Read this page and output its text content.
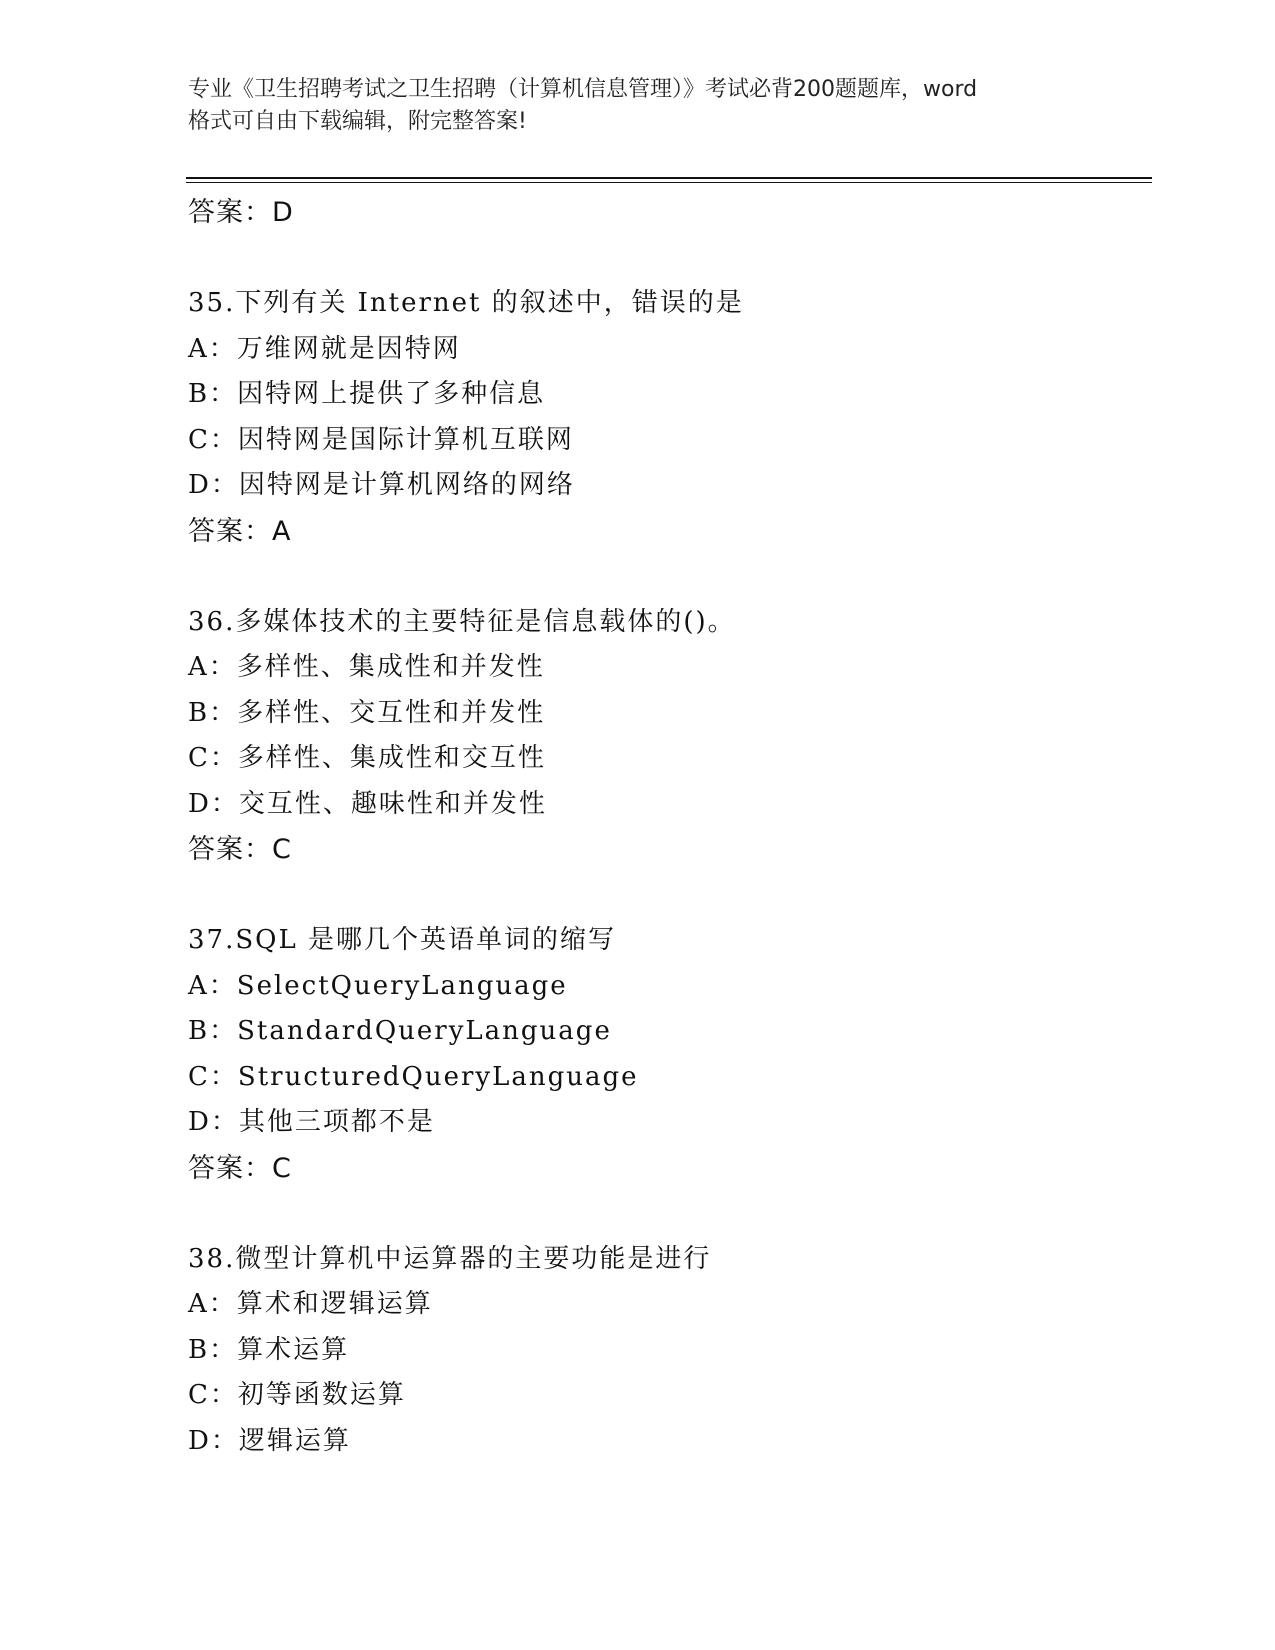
专业《卫生招聘考试之卫生招聘（计算机信息管理）》考试必背200题题库，word
格式可自由下载编辑，附完整答案!
答案：D
35.下列有关 Internet 的叙述中，错误的是
A：万维网就是因特网
B：因特网上提供了多种信息
C：因特网是国际计算机互联网
D：因特网是计算机网络的网络
答案：A
36.多媒体技术的主要特征是信息载体的()。
A：多样性、集成性和并发性
B：多样性、交互性和并发性
C：多样性、集成性和交互性
D：交互性、趣味性和并发性
答案：C
37.SQL 是哪几个英语单词的缩写
A：SelectQueryLanguage
B：StandardQueryLanguage
C：StructuredQueryLanguage
D：其他三项都不是
答案：C
38.微型计算机中运算器的主要功能是进行
A：算术和逻辑运算
B：算术运算
C：初等函数运算
D：逻辑运算
